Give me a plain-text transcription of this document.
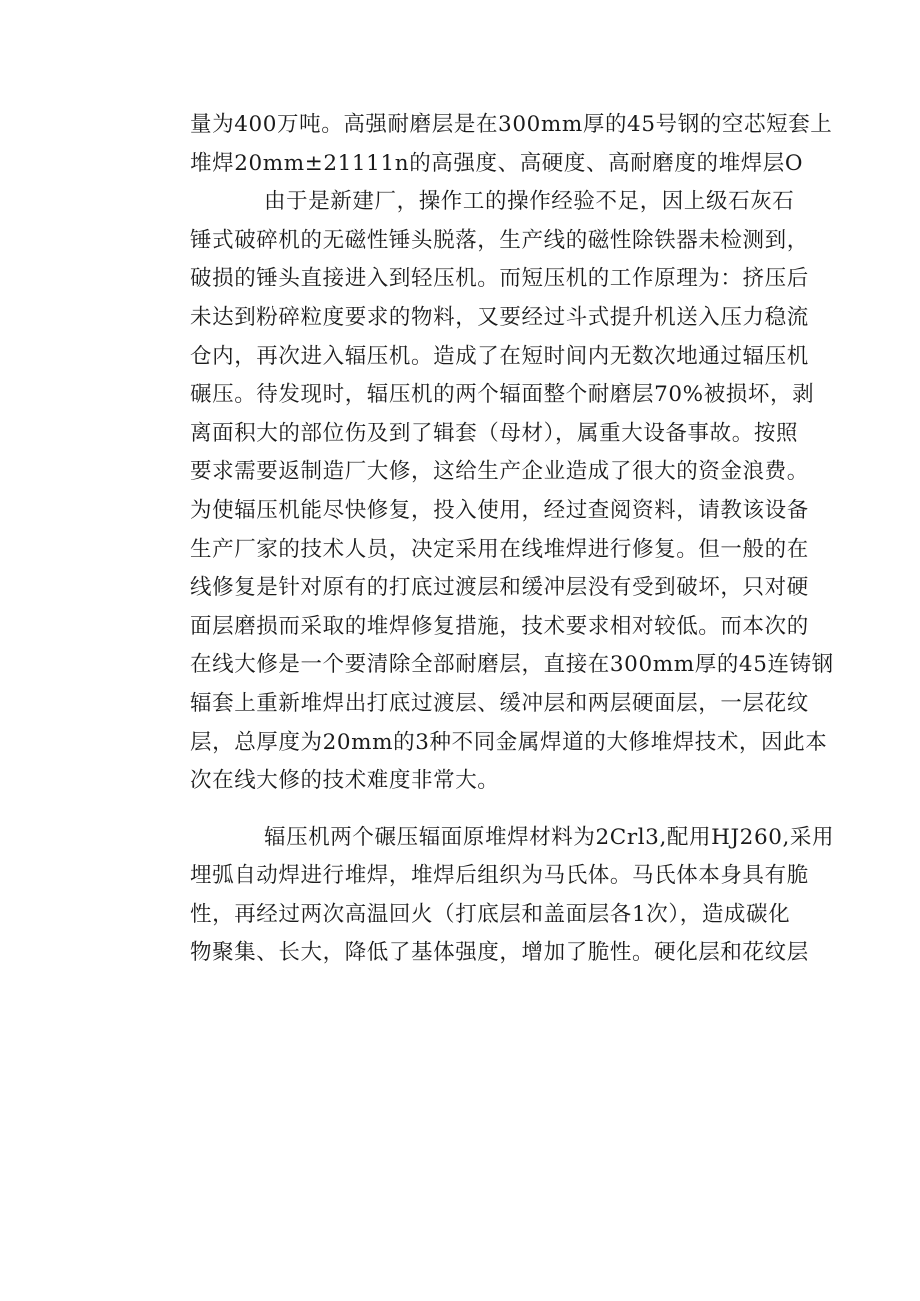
量为400万吨。高强耐磨层是在300mm厚的45号钢的空芯短套上
堆焊20mm±21111n的高强度、高硬度、高耐磨度的堆焊层O
由于是新建厂，操作工的操作经验不足，因上级石灰石
锤式破碎机的无磁性锤头脱落，生产线的磁性除铁器未检测到，
破损的锤头直接进入到轻压机。而短压机的工作原理为：挤压后
未达到粉碎粒度要求的物料，又要经过斗式提升机送入压力稳流
仓内，再次进入辐压机。造成了在短时间内无数次地通过辐压机
碾压。待发现时，辐压机的两个辐面整个耐磨层70%被损坏，剥
离面积大的部位伤及到了辑套（母材），属重大设备事故。按照
要求需要返制造厂大修，这给生产企业造成了很大的资金浪费。
为使辐压机能尽快修复，投入使用，经过查阅资料，请教该设备
生产厂家的技术人员，决定采用在线堆焊进行修复。但一般的在
线修复是针对原有的打底过渡层和缓冲层没有受到破坏，只对硬
面层磨损而采取的堆焊修复措施，技术要求相对较低。而本次的
在线大修是一个要清除全部耐磨层，直接在300mm厚的45连铸钢
辐套上重新堆焊出打底过渡层、缓冲层和两层硬面层，一层花纹
层，总厚度为20mm的3种不同金属焊道的大修堆焊技术，因此本
次在线大修的技术难度非常大。
辐压机两个碾压辐面原堆焊材料为2Crl3,配用HJ260,采用
埋弧自动焊进行堆焊，堆焊后组织为马氏体。马氏体本身具有脆
性，再经过两次高温回火（打底层和盖面层各1次），造成碳化
物聚集、长大，降低了基体强度，增加了脆性。硬化层和花纹层
